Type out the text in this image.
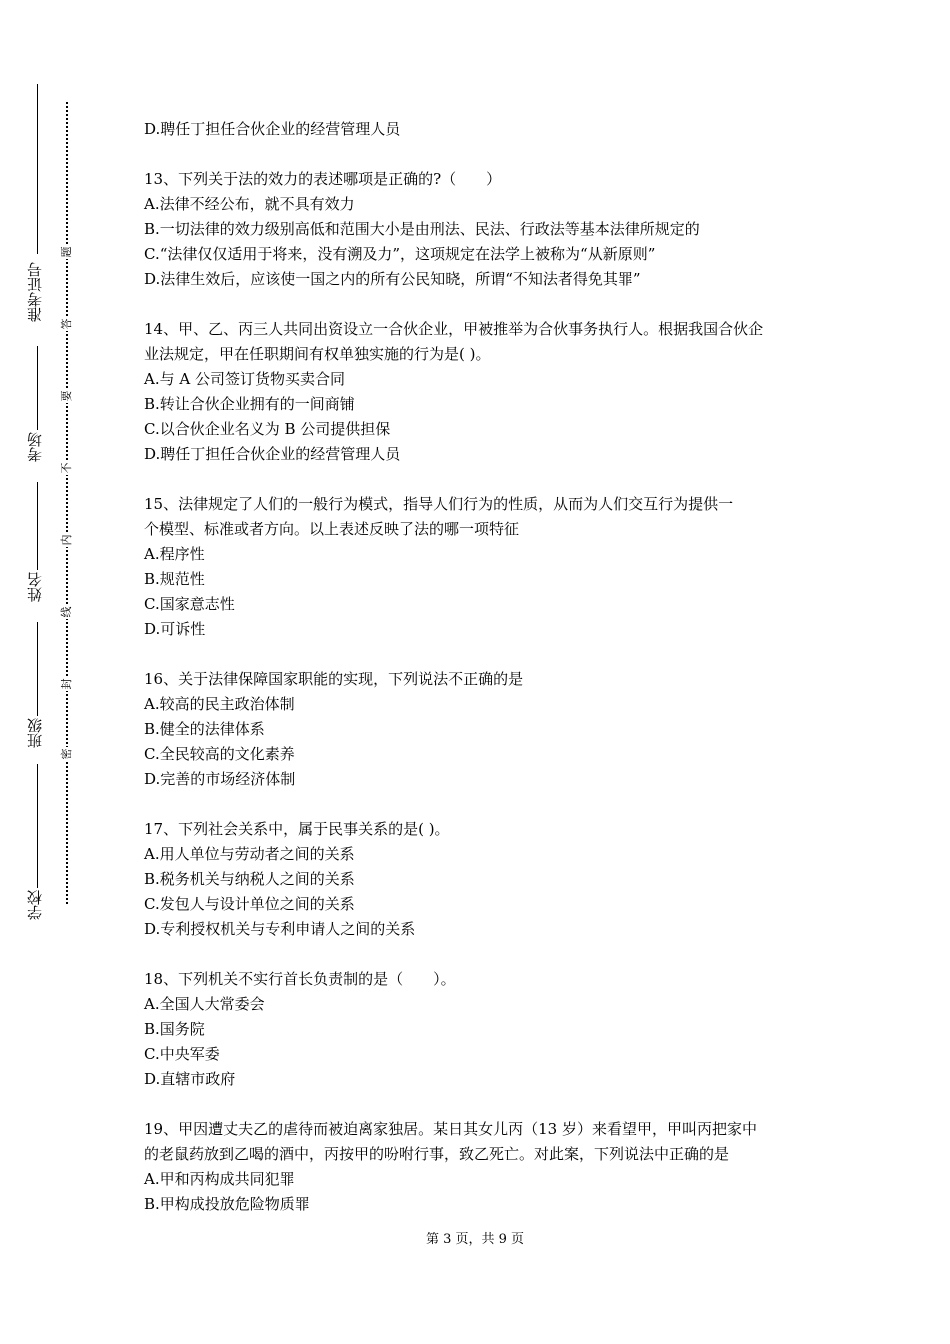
准考证号
考场
姓名
班级
学校
题
答
要
不
内
线
封
密
D.聘任丁担任合伙企业的经营管理人员
13、下列关于法的效力的表述哪项是正确的?（　　）
A.法律不经公布，就不具有效力
B.一切法律的效力级别高低和范围大小是由刑法、民法、行政法等基本法律所规定的
C.“法律仅仅适用于将来，没有溯及力”，这项规定在法学上被称为“从新原则”
D.法律生效后，应该使一国之内的所有公民知晓，所谓“不知法者得免其罪”
14、甲、乙、丙三人共同出资设立一合伙企业，甲被推举为合伙事务执行人。根据我国合伙企
业法规定，甲在任职期间有权单独实施的行为是( )。
A.与 A 公司签订货物买卖合同
B.转让合伙企业拥有的一间商铺
C.以合伙企业名义为 B 公司提供担保
D.聘任丁担任合伙企业的经营管理人员
15、法律规定了人们的一般行为模式，指导人们行为的性质，从而为人们交互行为提供一
个模型、标准或者方向。以上表述反映了法的哪一项特征
A.程序性
B.规范性
C.国家意志性
D.可诉性
16、关于法律保障国家职能的实现，下列说法不正确的是
A.较高的民主政治体制
B.健全的法律体系
C.全民较高的文化素养
D.完善的市场经济体制
17、下列社会关系中，属于民事关系的是( )。
A.用人单位与劳动者之间的关系
B.税务机关与纳税人之间的关系
C.发包人与设计单位之间的关系
D.专利授权机关与专利申请人之间的关系
18、下列机关不实行首长负责制的是（　　）。
A.全国人大常委会
B.国务院
C.中央军委
D.直辖市政府
19、甲因遭丈夫乙的虐待而被迫离家独居。某日其女儿丙（13 岁）来看望甲，甲叫丙把家中
的老鼠药放到乙喝的酒中，丙按甲的吩咐行事，致乙死亡。对此案，下列说法中正确的是
A.甲和丙构成共同犯罪
B.甲构成投放危险物质罪
第 3 页，共 9 页
